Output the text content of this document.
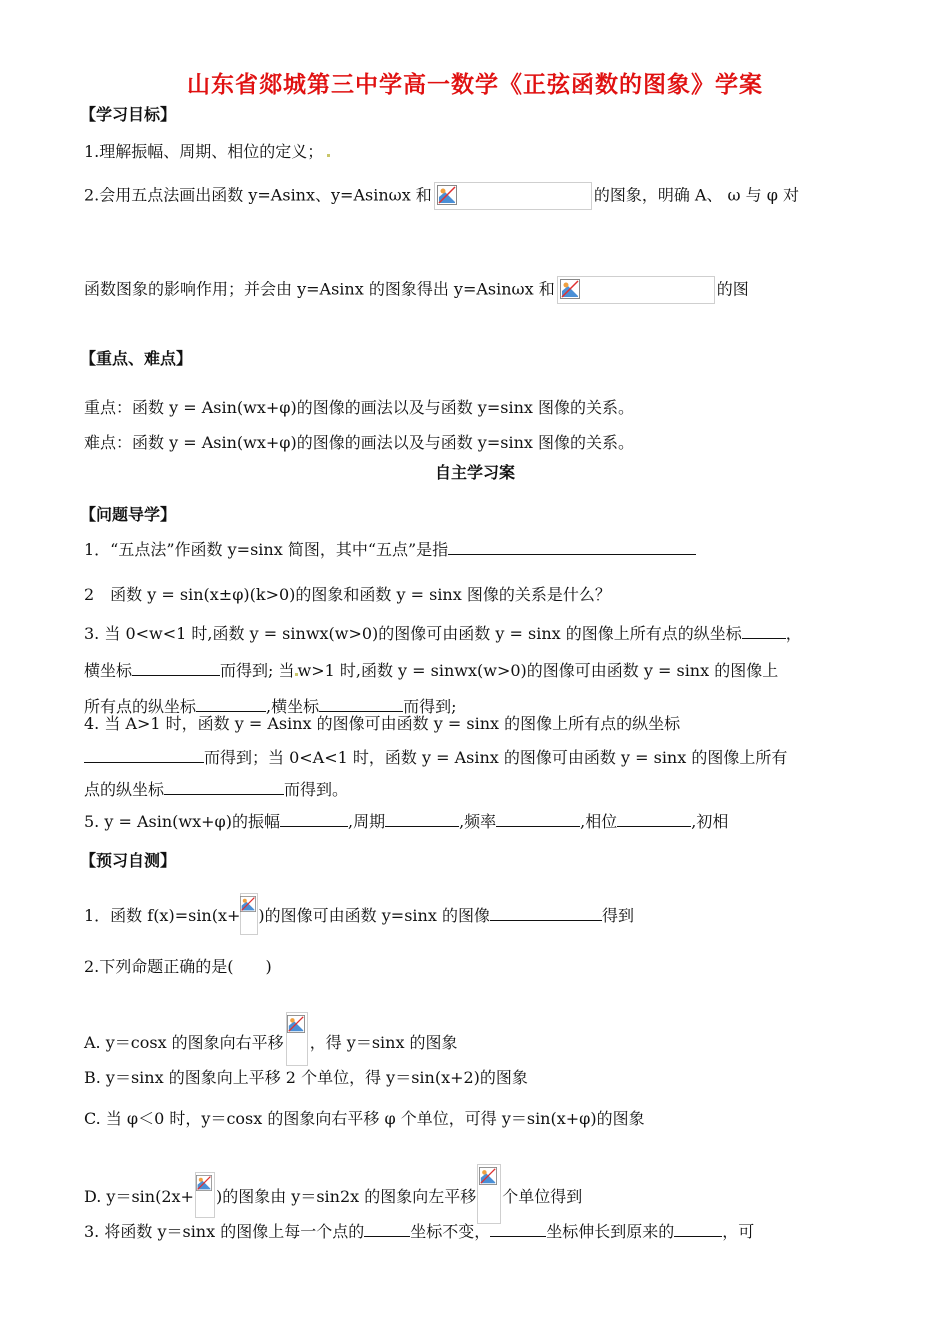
山东省郯城第三中学高一数学《正弦函数的图象》学案
【学习目标】
1.理解振幅、周期、相位的定义；
2.会用五点法画出函数 y=Asinx、y=Asinωx 和	的图象，明确 A、 ω 与 φ 对
函数图象的影响作用；并会由 y=Asinx 的图象得出 y=Asinωx 和	的图
【重点、难点】
重点：函数 y = Asin(wx+φ)的图像的画法以及与函数 y=sinx 图像的关系。
难点：函数 y = Asin(wx+φ)的图像的画法以及与函数 y=sinx 图像的关系。
自主学习案
【问题导学】
1．“五点法”作函数 y=sinx 简图，其中“五点”是指
2　函数 y = sin(x±φ)(k>0)的图象和函数 y = sinx 图像的关系是什么？
3. 当 0<w<1 时,函数 y = sinwx(w>0)的图像可由函数 y = sinx 的图像上所有点的纵坐标	，
横坐标	而得到; 当 w>1 时,函数 y = sinwx(w>0)的图像可由函数 y = sinx 的图像上
所有点的纵坐标	,横坐标	而得到;
4. 当 A>1 时，函数 y = Asinx 的图像可由函数 y = sinx 的图像上所有点的纵坐标
而得到；当 0<A<1 时，函数 y = Asinx 的图像可由函数 y = sinx 的图像上所有
点的纵坐标	而得到。
5. y = Asin(wx+φ)的振幅	,周期	,频率	,相位	,初相
【预习自测】
1．函数 f(x)=sin(x+ )的图像可由函数 y=sinx 的图像	得到
2.下列命题正确的是(　　)
A. y＝cosx 的图象向右平移 ，得 y＝sinx 的图象
B. y＝sinx 的图象向上平移 2 个单位，得 y＝sin(x+2)的图象
C. 当 φ＜0 时，y＝cosx 的图象向右平移 φ 个单位，可得 y＝sin(x+φ)的图象
D. y＝sin(2x+ )的图象由 y＝sin2x 的图象向左平移 个单位得到
3. 将函数 y＝sinx 的图像上每一个点的	坐标不变，	坐标伸长到原来的	，可
